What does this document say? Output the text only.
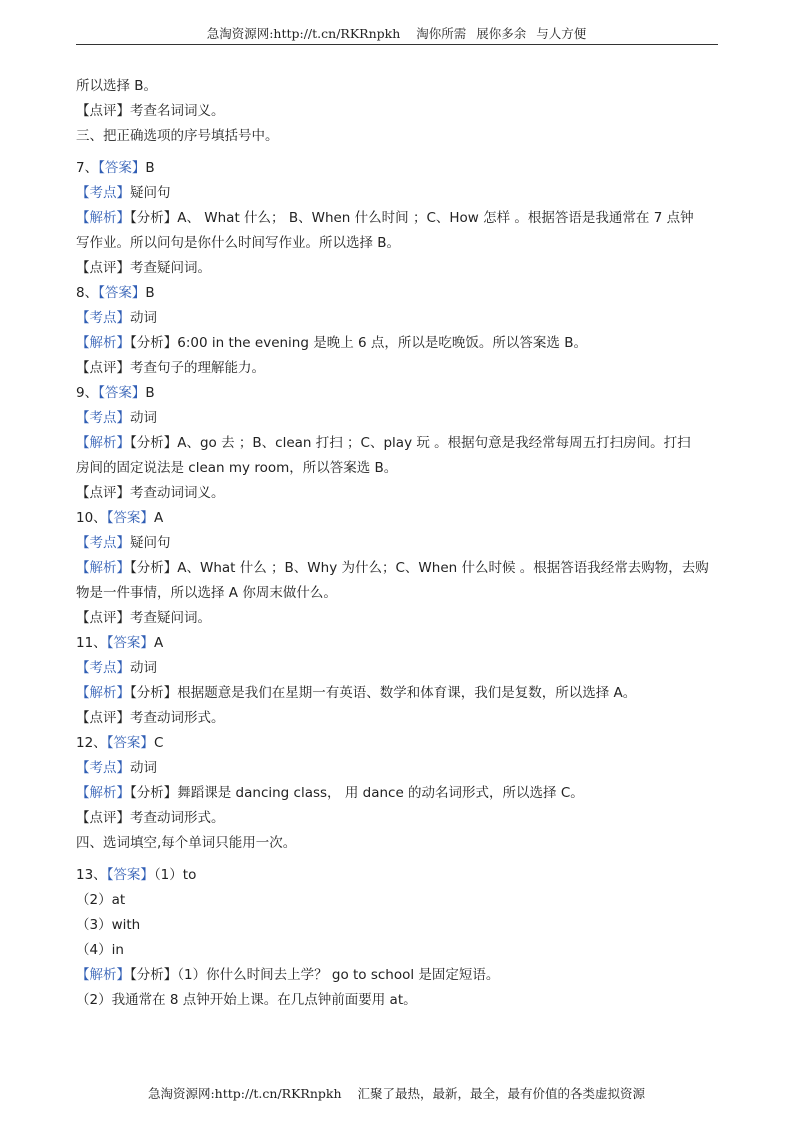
急淘资源网:http://t.cn/RKRnpkh 淘你所需 展你多余 与人方便
所以选择 B。
【点评】考查名词词义。
三、把正确选项的序号填括号中。
7、【答案】B
【考点】疑问句
【解析】【分析】A、 What 什么； B、When 什么时间 ；C、How 怎样 。根据答语是我通常在 7 点钟
写作业。所以问句是你什么时间写作业。所以选择 B。
【点评】考查疑问词。
8、【答案】B
【考点】动词
【解析】【分析】6:00 in the evening 是晚上 6 点，所以是吃晚饭。所以答案选 B。
【点评】考查句子的理解能力。
9、【答案】B
【考点】动词
【解析】【分析】A、go 去 ；B、clean 打扫 ；C、play 玩 。根据句意是我经常每周五打扫房间。打扫
房间的固定说法是 clean my room，所以答案选 B。
【点评】考查动词词义。
10、【答案】A
【考点】疑问句
【解析】【分析】A、What 什么 ；B、Why 为什么；C、When 什么时候 。根据答语我经常去购物，去购
物是一件事情，所以选择 A 你周末做什么。
【点评】考查疑问词。
11、【答案】A
【考点】动词
【解析】【分析】根据题意是我们在星期一有英语、数学和体育课，我们是复数，所以选择 A。
【点评】考查动词形式。
12、【答案】C
【考点】动词
【解析】【分析】舞蹈课是 dancing class， 用 dance 的动名词形式，所以选择 C。
【点评】考查动词形式。
四、选词填空,每个单词只能用一次。
13、【答案】（1）to
（2）at
（3）with
（4）in
【解析】【分析】（1）你什么时间去上学？ go to school 是固定短语。
（2）我通常在 8 点钟开始上课。在几点钟前面要用 at。
急淘资源网:http://t.cn/RKRnpkh 汇聚了最热，最新，最全，最有价值的各类虚拟资源
